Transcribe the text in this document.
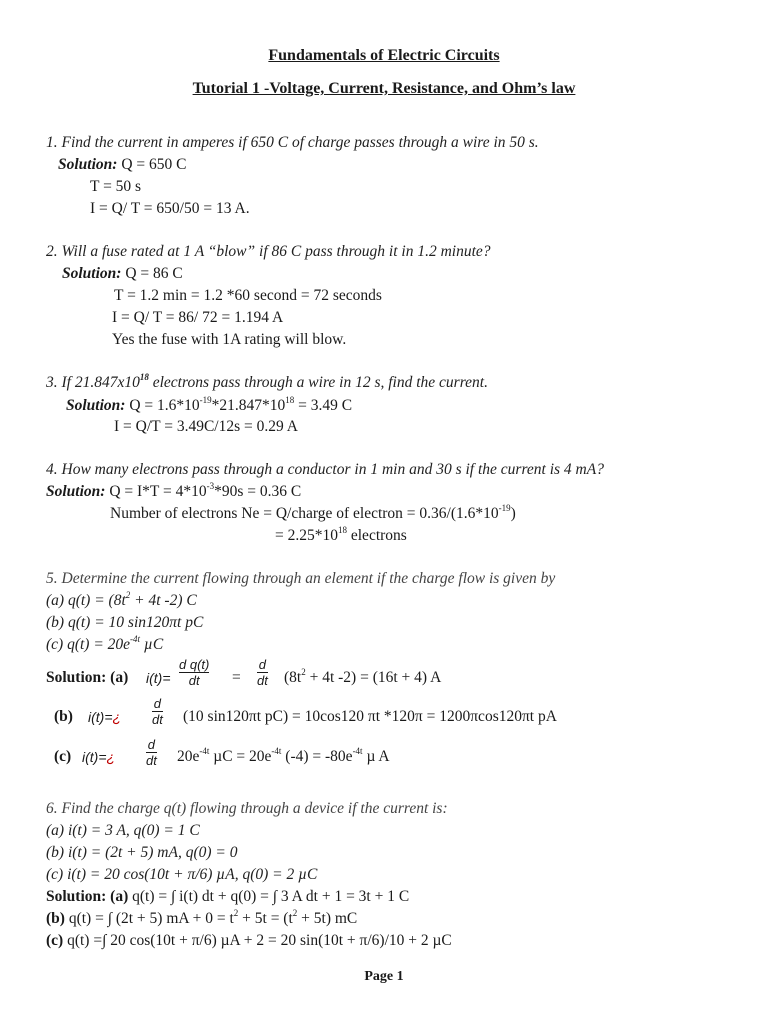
Fundamentals of Electric Circuits
Tutorial 1 -Voltage, Current, Resistance, and Ohm’s law
1. Find the current in amperes if 650 C of charge passes through a wire in 50 s.
Solution: Q = 650 C
T = 50 s
I = Q/ T = 650/50 = 13 A.
2. Will a fuse rated at 1 A “blow” if 86 C pass through it in 1.2 minute?
Solution: Q = 86 C
T = 1.2 min = 1.2 *60 second = 72 seconds
I = Q/ T = 86/ 72 = 1.194 A
Yes the fuse with 1A rating will blow.
3. If $21.847x10^{18}$ electrons pass through a wire in 12 s, find the current.
Solution: $Q = 1.6*10^{-19}*21.847*10^{18} = 3.49$ C
I = Q/T = 3.49C/12s = 0.29 A
4. How many electrons pass through a conductor in 1 min and 30 s if the current is 4 mA?
Solution: $Q = I*T = 4*10^{-3}*90s = 0.36$ C
Number of electrons Ne = Q/charge of electron = $0.36/(1.6*10^{-19})$
= $2.25*10^{18}$ electrons
5. Determine the current flowing through an element if the charge flow is given by
(a) $q(t) = (8t^2 + 4t$ -2) C
(b) q(t) = 10 sin120πt pC
(c) $q(t) = 20e^{-4t}$ µC
Solution: (a) i(t)=
d q(t)
dt =
d
dt ($8t^2 + 4t$ -2) = (16t + 4) A
(b) i(t)=¿
d
dt (10 sin120πt pC) = 10cos120 πt *120π = 1200πcos120πt pA
(c) i(t)=¿
d
dt $20e^{-4t}$ $\mu C = 20e^{-4t}$ $(-4) = -80e^{-4t}$ µ A
6. Find the charge q(t) flowing through a device if the current is:
(a) i(t) = 3 A, q(0) = 1 C
(b) i(t) = (2t + 5) mA, q(0) = 0
(c) i(t) = 20 cos(10t + π/6) µA, q(0) = 2 µC
Solution: (a) q(t) = ∫ i(t) dt + q(0) = ∫ 3 A dt + 1 = 3t + 1 C
(b) q(t) = ∫ (2t + 5) mA + $0 = t^2 + 5t = (t^2 + 5t)$ mC
(c) q(t) =∫ 20 cos(10t + π/6) µA + 2 = 20 sin(10t + π/6)/10 + 2 µC
Page 1
